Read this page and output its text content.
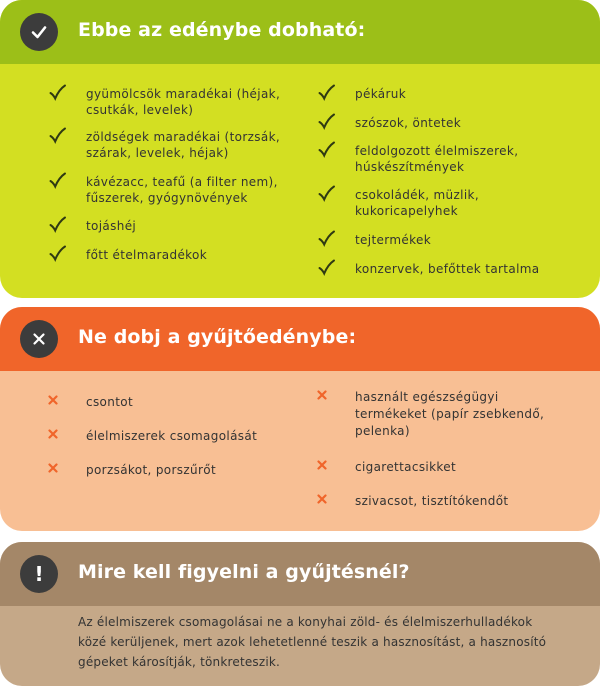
Ebbe az edénybe dobható:
gyümölcsök maradékai (héjak,
csutkák, levelek)
zöldségek maradékai (torzsák,
szárak, levelek, héjak)
kávézacc, teafű (a filter nem),
fűszerek, gyógynövények
tojáshéj
főtt ételmaradékok
pékáruk
szószok, öntetek
feldolgozott élelmiszerek,
húskészítmények
csokoládék, müzlik,
kukoricapelyhek
tejtermékek
konzervek, befőttek tartalma
Ne dobj a gyűjtőedénybe:
csontot
élelmiszerek csomagolását
porzsákot, porszűrőt
használt egészségügyi
termékeket (papír zsebkendő,
pelenka)
cigarettacsikket
szivacsot, tisztítókendőt
! Mire kell figyelni a gyűjtésnél?
Az élelmiszerek csomagolásai ne a konyhai zöld- és élelmiszerhulladékok
közé kerüljenek, mert azok lehetetlenné teszik a hasznosítást, a hasznosító
gépeket károsítják, tönkreteszik.
